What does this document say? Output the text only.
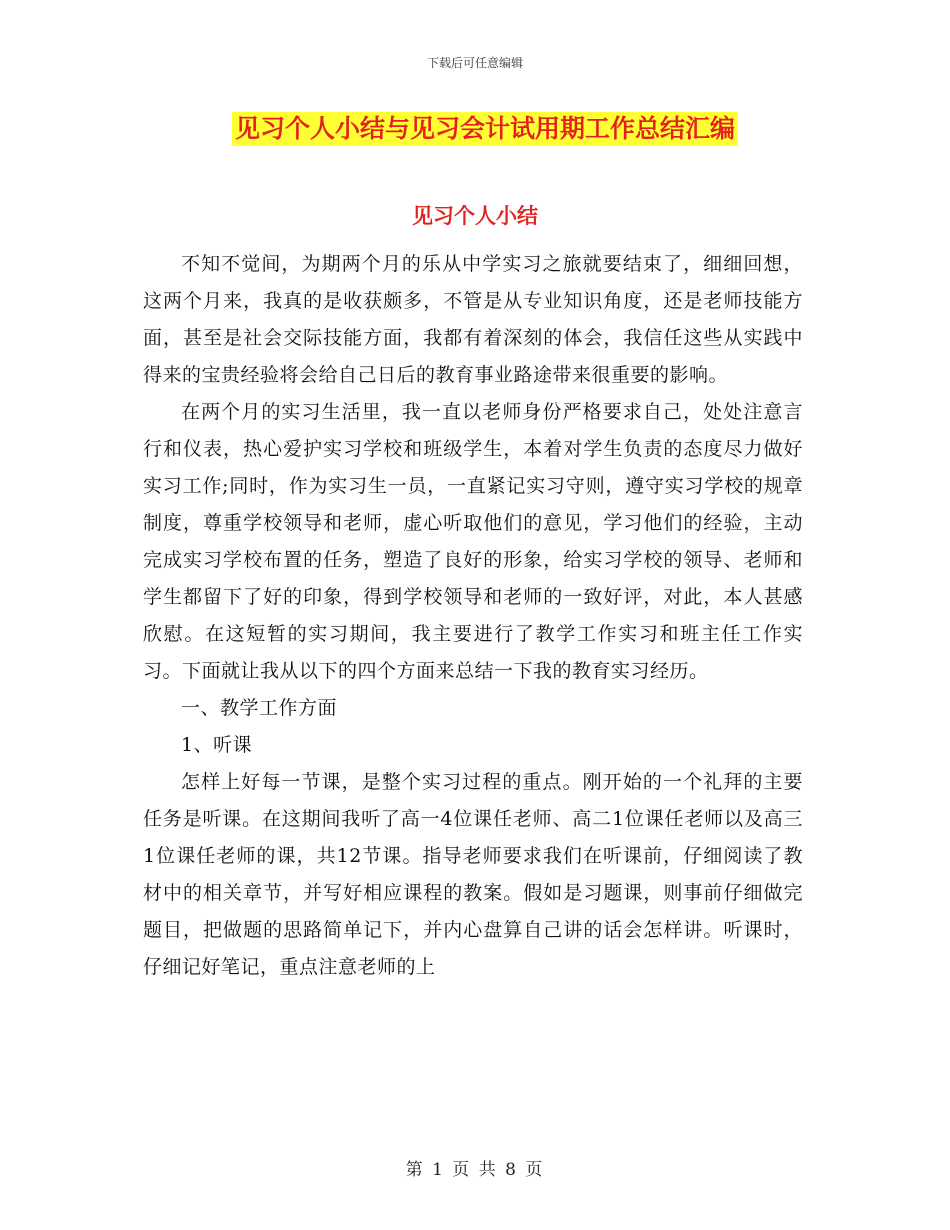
下载后可任意编辑
见习个人小结与见习会计试用期工作总结汇编
见习个人小结

不知不觉间，为期两个月的乐从中学实习之旅就要结束了，细细回想，这两个月来，我真的是收获颇多，不管是从专业知识角度，还是老师技能方面，甚至是社会交际技能方面，我都有着深刻的体会，我信任这些从实践中得来的宝贵经验将会给自己日后的教育事业路途带来很重要的影响。

在两个月的实习生活里，我一直以老师身份严格要求自己，处处注意言行和仪表，热心爱护实习学校和班级学生，本着对学生负责的态度尽力做好实习工作;同时，作为实习生一员，一直紧记实习守则，遵守实习学校的规章制度，尊重学校领导和老师，虚心听取他们的意见，学习他们的经验，主动完成实习学校布置的任务，塑造了良好的形象，给实习学校的领导、老师和学生都留下了好的印象，得到学校领导和老师的一致好评，对此，本人甚感欣慰。在这短暂的实习期间，我主要进行了教学工作实习和班主任工作实习。下面就让我从以下的四个方面来总结一下我的教育实习经历。

一、教学工作方面

1、听课

怎样上好每一节课，是整个实习过程的重点。刚开始的一个礼拜的主要任务是听课。在这期间我听了高一4位课任老师、高二1位课任老师以及高三1位课任老师的课，共12节课。指导老师要求我们在听课前，仔细阅读了教材中的相关章节，并写好相应课程的教案。假如是习题课，则事前仔细做完题目，把做题的思路简单记下，并内心盘算自己讲的话会怎样讲。听课时，仔细记好笔记，重点注意老师的上

第 1 页 共 8 页
